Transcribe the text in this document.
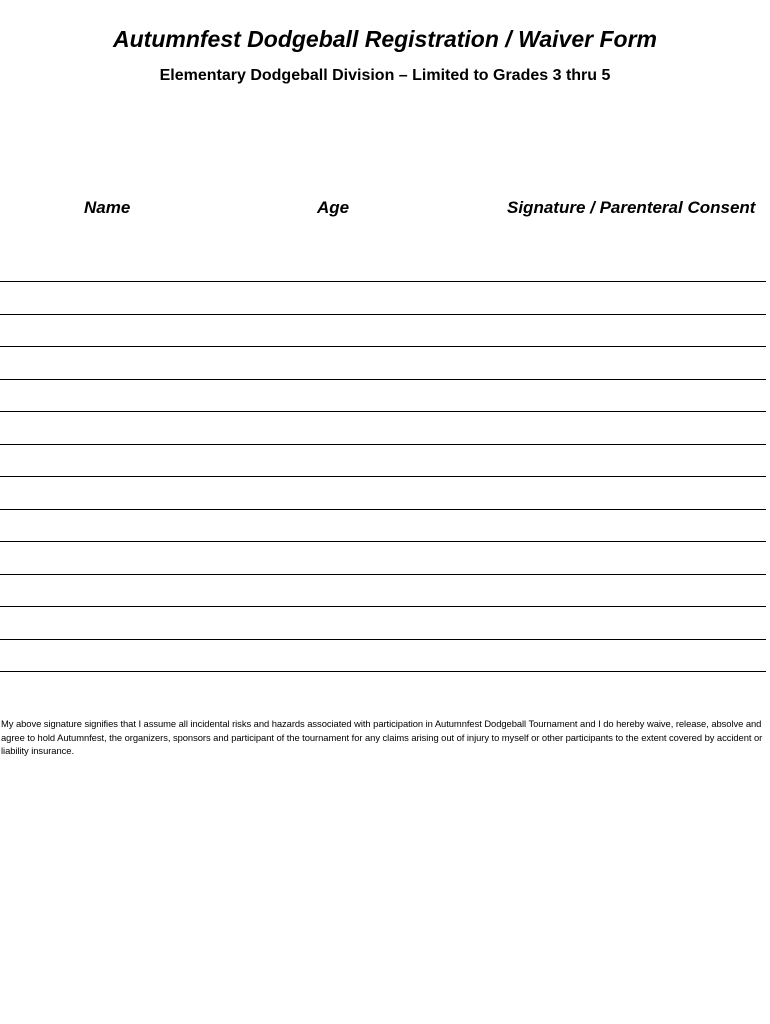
Autumnfest Dodgeball Registration / Waiver Form
Elementary Dodgeball Division – Limited to Grades 3 thru 5
Name	Age	Signature / Parenteral Consent
My above signature signifies that I assume all incidental risks and hazards associated with participation in Autumnfest Dodgeball Tournament and I do hereby waive, release, absolve and agree to hold Autumnfest, the organizers, sponsors and participant of the tournament for any claims arising out of injury to myself or other participants to the extent covered by accident or liability insurance.
